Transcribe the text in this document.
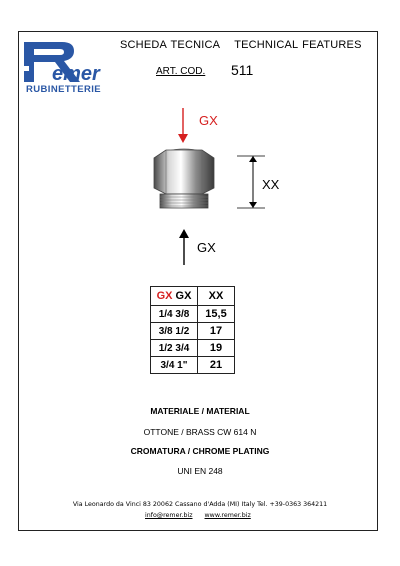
emer
RUBINETTERIE
SCHEDA TECNICA TECHNICAL FEATURES
ART. COD. 511
GX
GX
XX
GX GX	XX
1/4 3/8	15,5
3/8 1/2	17
1/2 3/4	19
3/4 1"	21
MATERIALE / MATERIAL
OTTONE / BRASS CW 614 N
CROMATURA / CHROME PLATING
UNI EN 248
Via Leonardo da Vinci 83 20062 Cassano d'Adda (MI) Italy Tel. +39-0363 364211
info@remer.biz www.remer.biz
